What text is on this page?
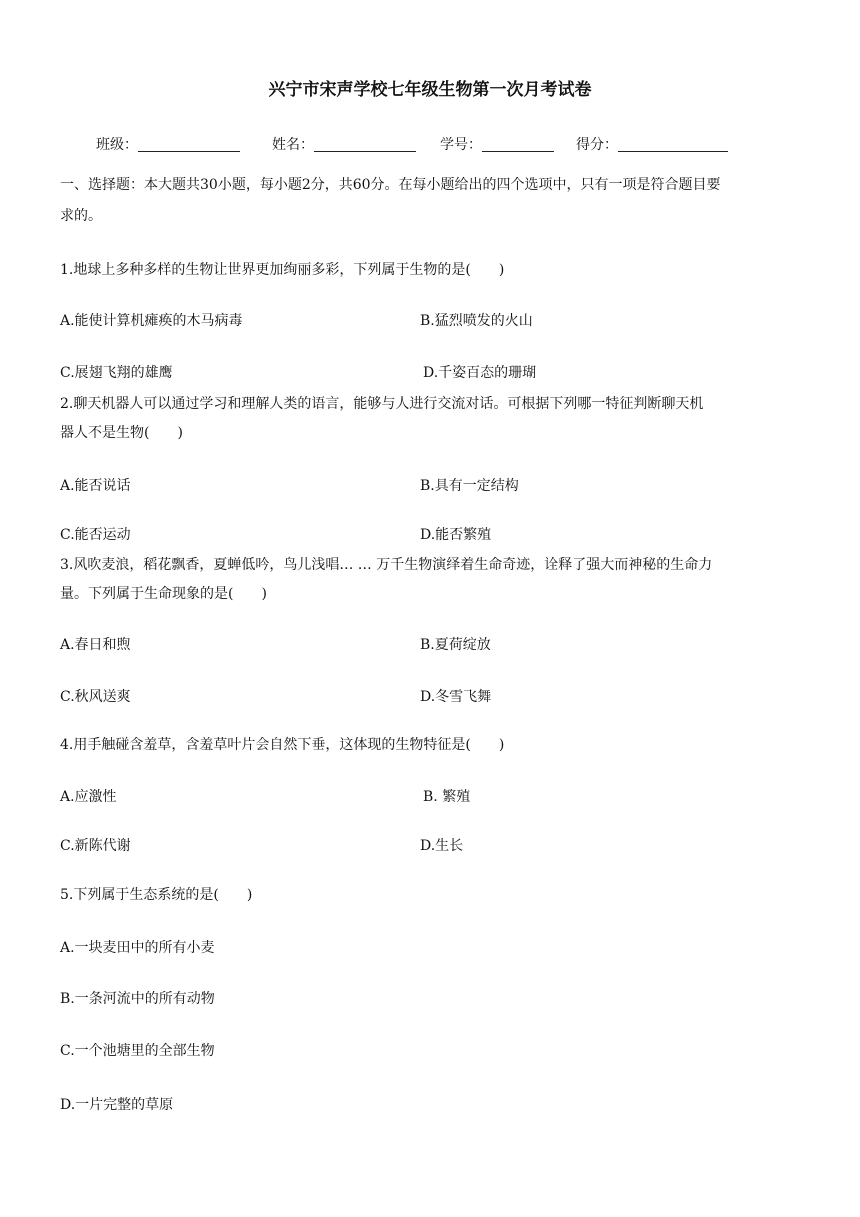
兴宁市宋声学校七年级生物第一次月考试卷
班级：	姓名：	学号：	得分：
一、选择题：本大题共30小题，每小题2分，共60分。在每小题给出的四个选项中，只有一项是符合题目要
求的。
1.地球上多种多样的生物让世界更加绚丽多彩，下列属于生物的是(　　)
A.能使计算机瘫痪的木马病毒	B.猛烈喷发的火山
C.展翅飞翔的雄鹰	D.千姿百态的珊瑚
2.聊天机器人可以通过学习和理解人类的语言，能够与人进行交流对话。可根据下列哪一特征判断聊天机
器人不是生物(　　)
A.能否说话	B.具有一定结构
C.能否运动	D.能否繁殖
3.风吹麦浪，稻花飘香，夏蝉低吟，鸟儿浅唱… … 万千生物演绎着生命奇迹，诠释了强大而神秘的生命力
量。下列属于生命现象的是(　　)
A.春日和煦	B.夏荷绽放
C.秋风送爽	D.冬雪飞舞
4.用手触碰含羞草，含羞草叶片会自然下垂，这体现的生物特征是(　　)
A.应激性	B. 繁殖
C.新陈代谢	D.生长
5.下列属于生态系统的是(　　)
A.一块麦田中的所有小麦
B.一条河流中的所有动物
C.一个池塘里的全部生物
D.一片完整的草原
